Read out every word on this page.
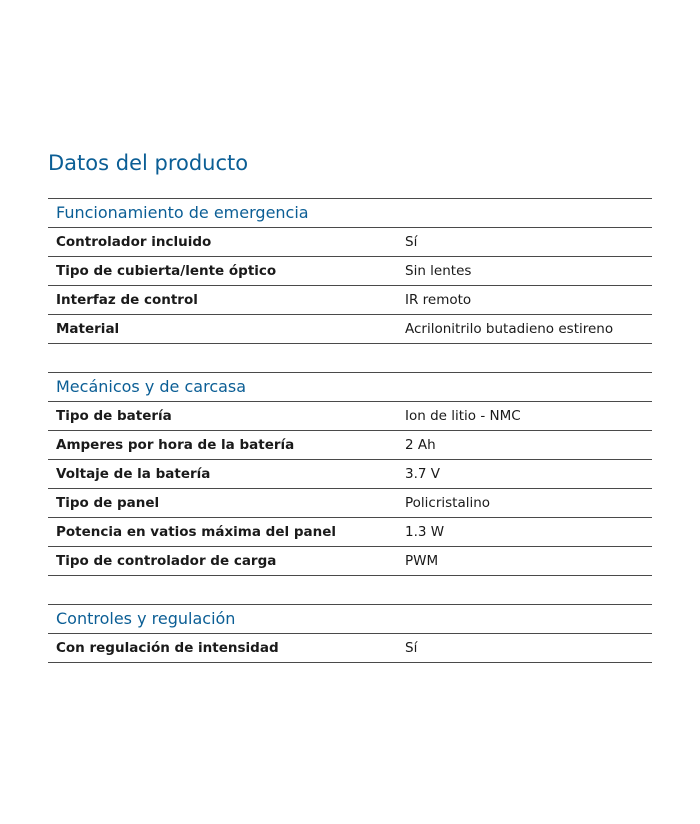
Datos del producto
Funcionamiento de emergencia
Controlador incluido	Sí
Tipo de cubierta/lente óptico	Sin lentes
Interfaz de control	IR remoto
Material	Acrilonitrilo butadieno estireno
Mecánicos y de carcasa
Tipo de batería	Ion de litio - NMC
Amperes por hora de la batería	2 Ah
Voltaje de la batería	3.7 V
Tipo de panel	Policristalino
Potencia en vatios máxima del panel	1.3 W
Tipo de controlador de carga	PWM
Controles y regulación
Con regulación de intensidad	Sí
